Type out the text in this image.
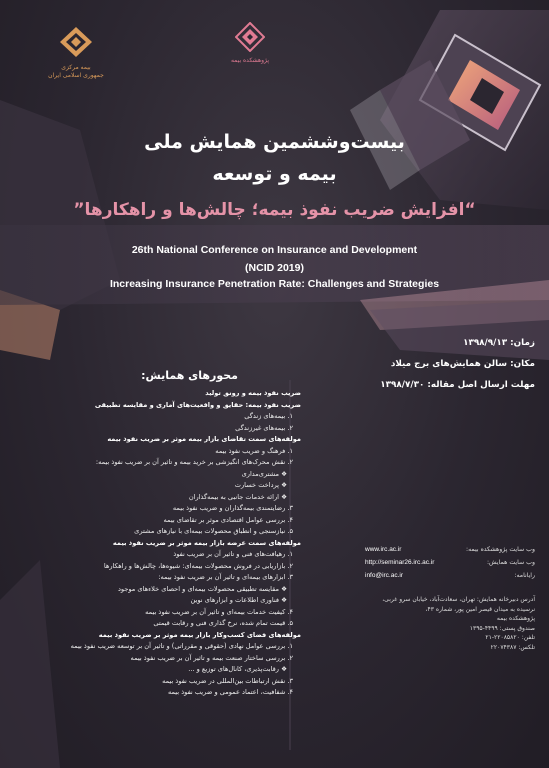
بیمه مرکزی
جمهوری اسلامی ایران
پژوهشکده بیمه
بیست‌وششمین همایش ملی
بیمه و توسعه
“افزایش ضریب نفوذ بیمه؛ چالش‌ها و راهکارها”
26th National Conference on Insurance and Development
(NCID 2019)
Increasing Insurance Penetration Rate: Challenges and Strategies
زمان: ۱۳۹۸/۹/۱۳
مکان: سالن همایش‌های برج میلاد
مهلت ارسال اصل مقاله: ۱۳۹۸/۷/۳۰
محورهای همایش:
ضریب نفوذ بیمه و رونق تولید
ضریب نفوذ بیمه: حقایق و واقعیت‌های آماری و مقایسه تطبیقی
۱. بیمه‌های زندگی
۲. بیمه‌های غیرزندگی
مولفه‌های سمت تقاضای بازار بیمه موثر بر ضریب نفوذ بیمه
۱. فرهنگ و ضریب نفوذ بیمه
۲. نقش محرک‌های انگیزشی بر خرید بیمه و تاثیر آن بر ضریب نفوذ بیمه:
❖ مشتری‌مداری
❖ پرداخت خسارت
❖ ارائه خدمات جانبی به بیمه‌گذاران
۳. رضایتمندی بیمه‌گذاران و ضریب نفوذ بیمه
۴. بررسی عوامل اقتصادی موثر بر تقاضای بیمه
۵. نیازسنجی و انطباق محصولات بیمه‌ای با نیازهای مشتری
مولفه‌های سمت عرضه بازار بیمه موثر بر ضریب نفوذ بیمه
۱. رهیافت‌های فنی و تاثیر آن بر ضریب نفوذ
۲. بازاریابی در فروش محصولات بیمه‌ای: شیوه‌ها، چالش‌ها و راهکارها
۳. ابزارهای بیمه‌ای و تاثیر آن بر ضریب نفوذ بیمه:
❖ مقایسه تطبیقی محصولات بیمه‌ای و احصای خلاءهای موجود
❖ فناوری اطلاعات و ابزارهای نوین
۴. کیفیت خدمات بیمه‌ای و تاثیر آن بر ضریب نفوذ بیمه
۵. قیمت تمام شده، نرخ گذاری فنی و رقابت قیمتی
مولفه‌های فضای کسب‌وکار بازار بیمه موثر بر ضریب نفوذ بیمه
۱. بررسی عوامل نهادی (حقوقی و مقرراتی) و تاثیر آن بر توسعه ضریب نفوذ بیمه
۲. بررسی ساختار صنعت بیمه و تاثیر آن بر ضریب نفوذ بیمه
❖ رقابت‌پذیری، کانال‌های توزیع و ...
۳. نقش ارتباطات بین‌المللی در ضریب نفوذ بیمه
۴. شفافیت، اعتماد عمومی و ضریب نفوذ بیمه
وب سایت پژوهشکده بیمه:
www.irc.ac.ir
وب سایت همایش:
http://seminar26.irc.ac.ir
رایانامه:
info@irc.ac.ir
آدرس دبیرخانه همایش: تهران، سعادت‌آباد، خیابان سرو غربی،
نرسیده به میدان قیصر امین پور، شماره ۴۳،
پژوهشکده بیمه
صندوق پستی: ۴۴۹۹-۱۳۹۵
تلفن: ۲۲۰۸۵۸۲۰-۲۱
تلکس: ۲۲۰۷۴۳۸۷
